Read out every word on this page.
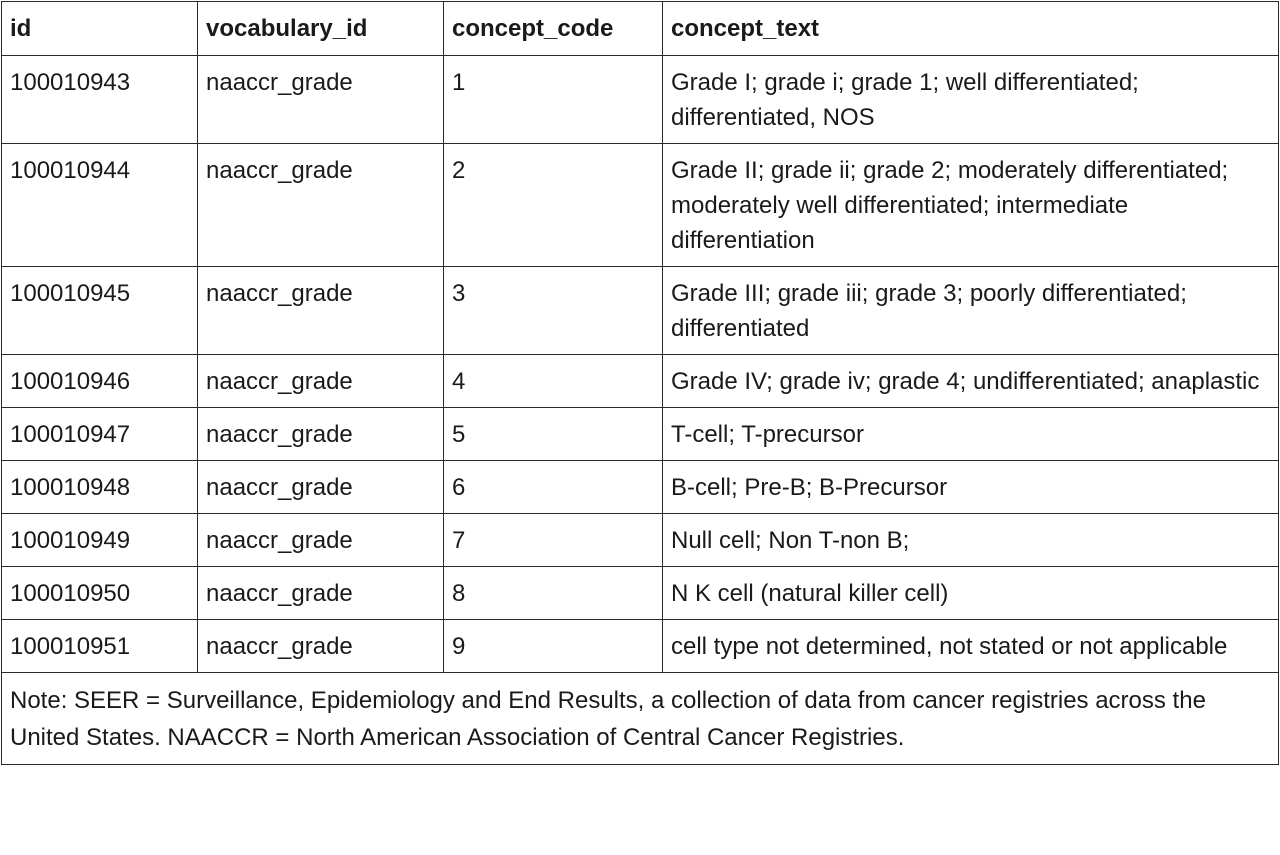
id	vocabulary_id	concept_code	concept_text
100010943	naaccr_grade	1	Grade I; grade i; grade 1; well differentiated; differentiated, NOS
100010944	naaccr_grade	2	Grade II; grade ii; grade 2; moderately differentiated; moderately well differentiated; intermediate differentiation
100010945	naaccr_grade	3	Grade III; grade iii; grade 3; poorly differentiated; differentiated
100010946	naaccr_grade	4	Grade IV; grade iv; grade 4; undifferentiated; anaplastic
100010947	naaccr_grade	5	T-cell; T-precursor
100010948	naaccr_grade	6	B-cell; Pre-B; B-Precursor
100010949	naaccr_grade	7	Null cell; Non T-non B;
100010950	naaccr_grade	8	N K cell (natural killer cell)
100010951	naaccr_grade	9	cell type not determined, not stated or not applicable
Note: SEER = Surveillance, Epidemiology and End Results, a collection of data from cancer registries across the United States. NAACCR = North American Association of Central Cancer Registries.			
